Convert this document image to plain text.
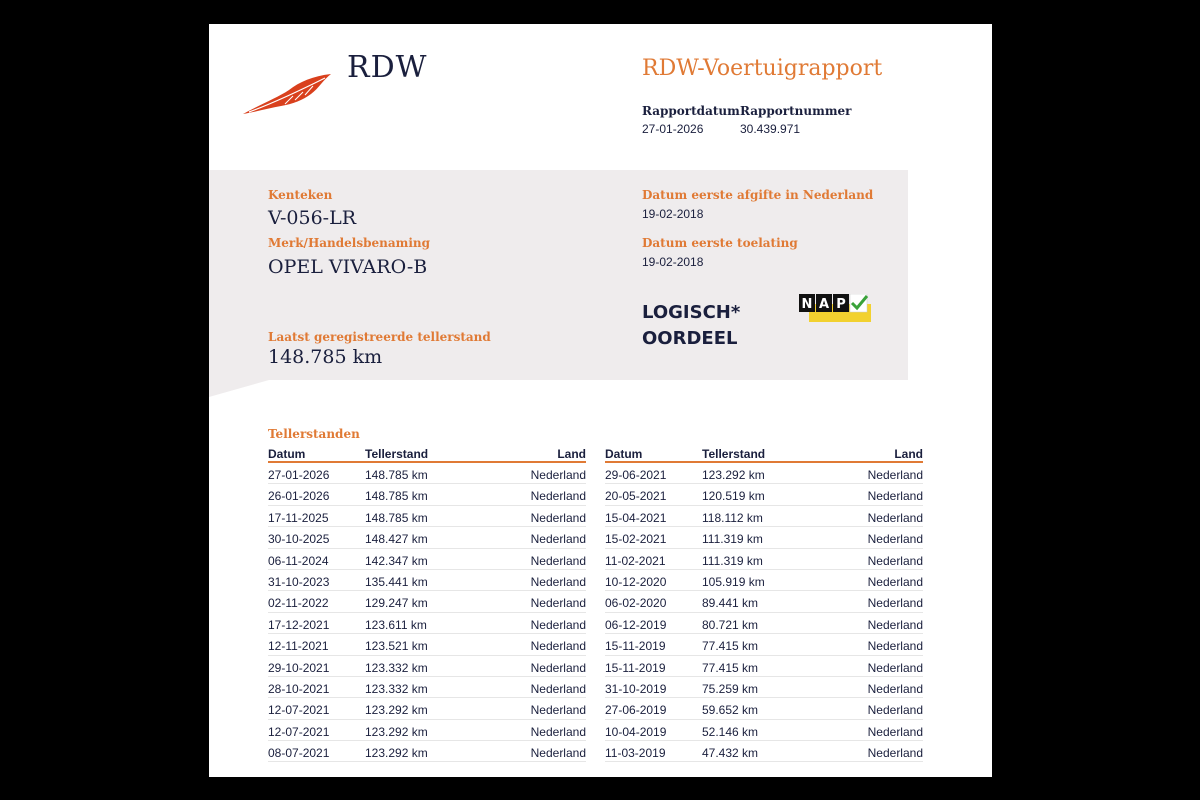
RDW	RDW-Voertuigrapport
Rapportdatum
27-01-2026
Rapportnummer
30.439.971
Kenteken
V-056-LR
Merk/Handelsbenaming
OPEL VIVARO-B
Laatst geregistreerde tellerstand
148.785 km
Datum eerste afgifte in Nederland
19-02-2018
Datum eerste toelating
19-02-2018
LOGISCH*
OORDEEL
N A P
Tellerstanden
Datum	Tellerstand	Land
27-01-2026	148.785 km	Nederland
26-01-2026	148.785 km	Nederland
17-11-2025	148.785 km	Nederland
30-10-2025	148.427 km	Nederland
06-11-2024	142.347 km	Nederland
31-10-2023	135.441 km	Nederland
02-11-2022	129.247 km	Nederland
17-12-2021	123.611 km	Nederland
12-11-2021	123.521 km	Nederland
29-10-2021	123.332 km	Nederland
28-10-2021	123.332 km	Nederland
12-07-2021	123.292 km	Nederland
12-07-2021	123.292 km	Nederland
08-07-2021	123.292 km	Nederland
Datum	Tellerstand	Land
29-06-2021	123.292 km	Nederland
20-05-2021	120.519 km	Nederland
15-04-2021	118.112 km	Nederland
15-02-2021	111.319 km	Nederland
11-02-2021	111.319 km	Nederland
10-12-2020	105.919 km	Nederland
06-02-2020	89.441 km	Nederland
06-12-2019	80.721 km	Nederland
15-11-2019	77.415 km	Nederland
15-11-2019	77.415 km	Nederland
31-10-2019	75.259 km	Nederland
27-06-2019	59.652 km	Nederland
10-04-2019	52.146 km	Nederland
11-03-2019	47.432 km	Nederland
